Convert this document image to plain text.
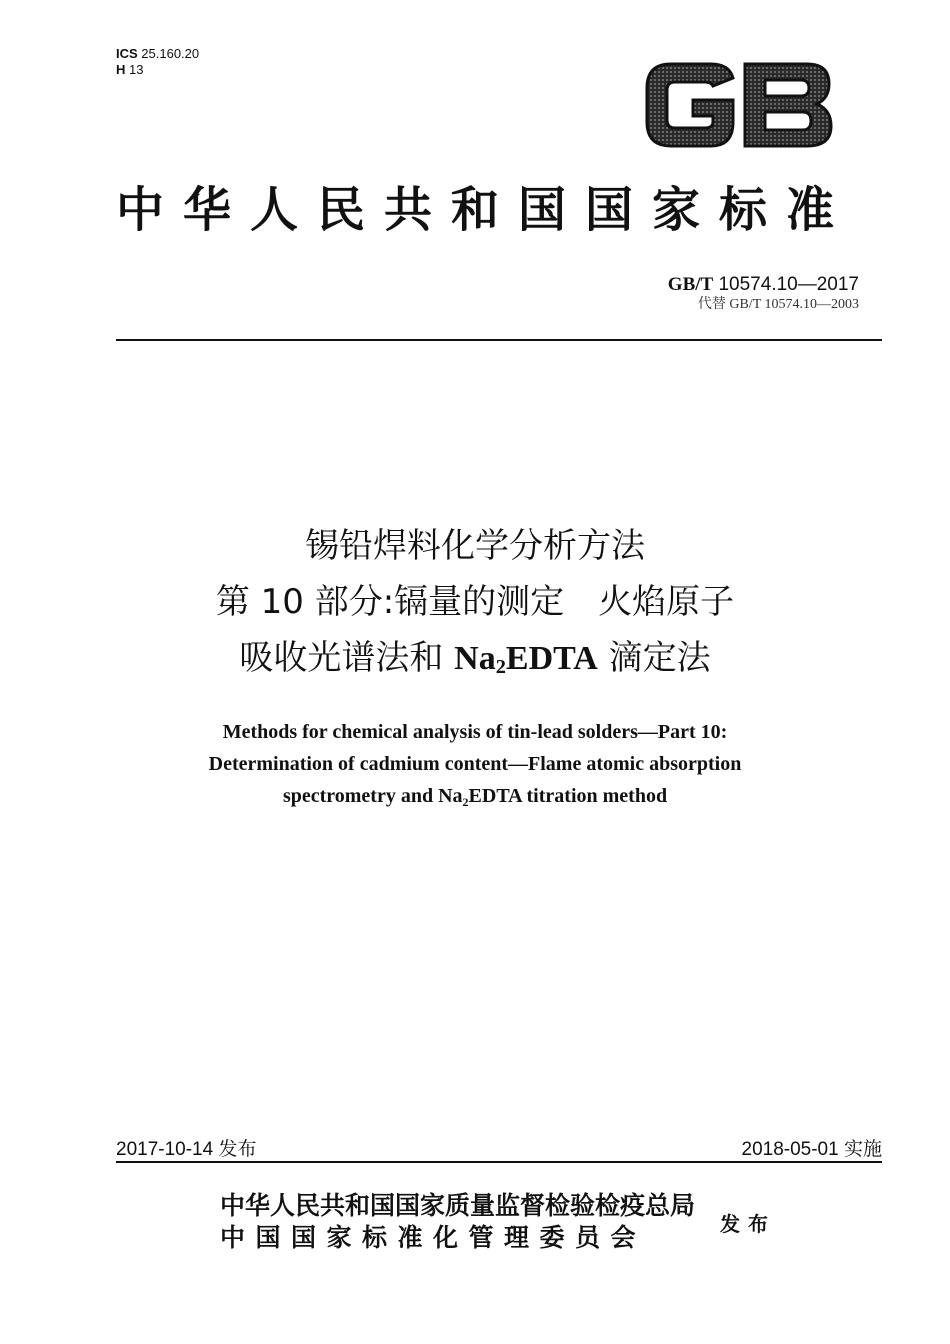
ICS 25.160.20
H 13
中华人民共和国国家标准
GB/T 10574.10—2017
代替 GB/T 10574.10—2003
锡铅焊料化学分析方法
第 10 部分:镉量的测定　火焰原子
吸收光谱法和 $Na_2EDTA$ 滴定法
Methods for chemical analysis of tin-lead solders—Part 10:
Determination of cadmium content—Flame atomic absorption
spectrometry and $Na_2EDTA$ titration method
2017-10-14 发布	2018-05-01 实施
中华人民共和国国家质量监督检验检疫总局
中国国家标准化管理委员会	发布
